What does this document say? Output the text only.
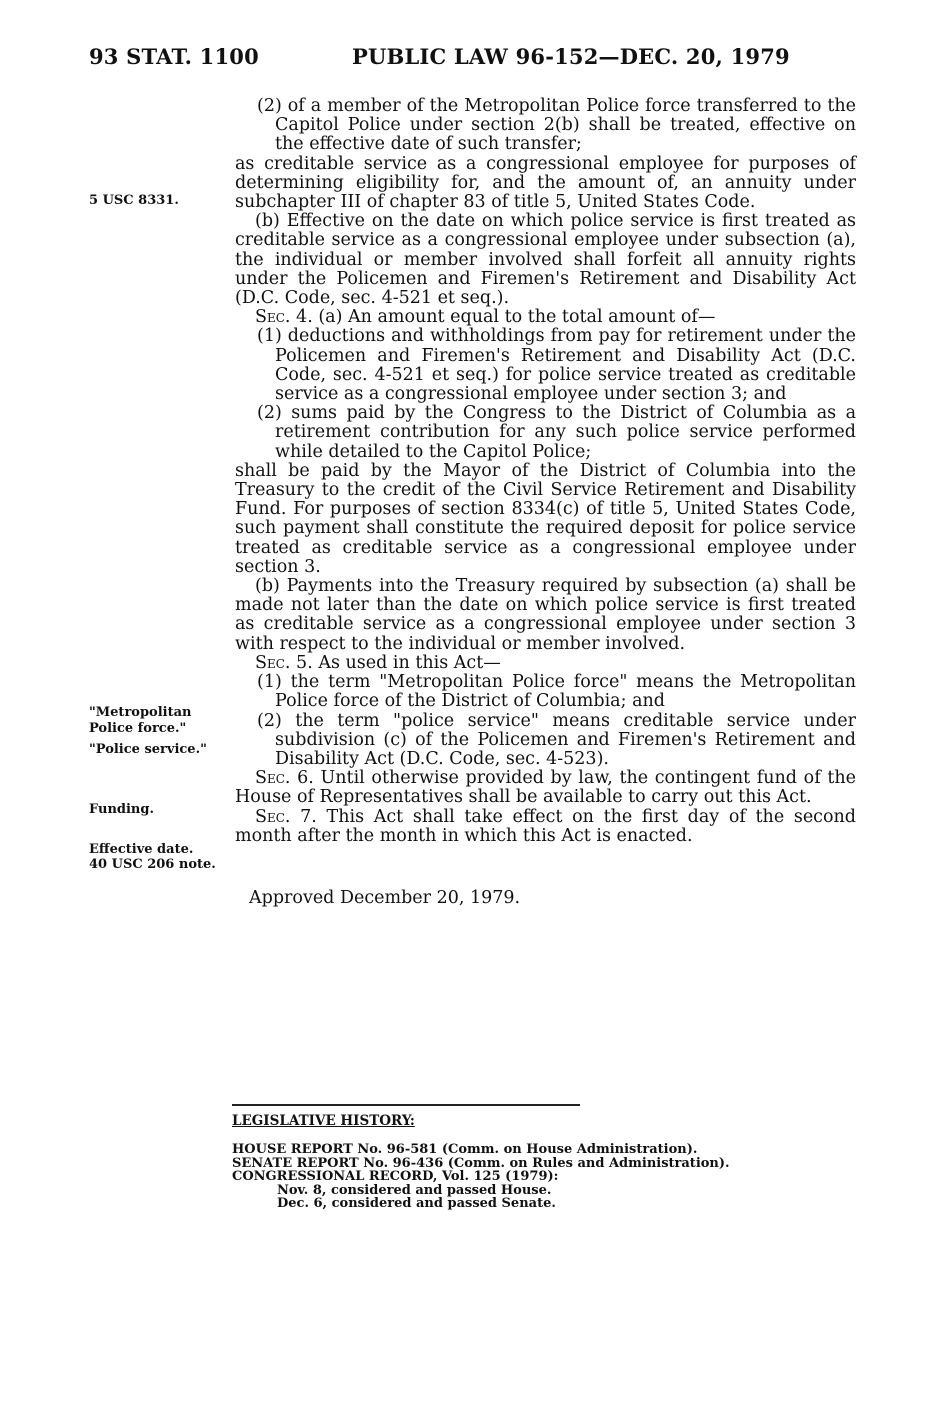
93 STAT. 1100	PUBLIC LAW 96-152—DEC. 20, 1979
5 USC 8331.
"Metropolitan Police force."
"Police service."
Funding.
Effective date.
40 USC 206 note.

(2) of a member of the Metropolitan Police force transferred to the Capitol Police under section 2(b) shall be treated, effective on the effective date of such transfer;

as creditable service as a congressional employee for purposes of determining eligibility for, and the amount of, an annuity under subchapter III of chapter 83 of title 5, United States Code.

(b) Effective on the date on which police service is first treated as creditable service as a congressional employee under subsection (a), the individual or member involved shall forfeit all annuity rights under the Policemen and Firemen's Retirement and Disability Act (D.C. Code, sec. 4-521 et seq.).

Sec. 4. (a) An amount equal to the total amount of—

(1) deductions and withholdings from pay for retirement under the Policemen and Firemen's Retirement and Disability Act (D.C. Code, sec. 4-521 et seq.) for police service treated as creditable service as a congressional employee under section 3; and

(2) sums paid by the Congress to the District of Columbia as a retirement contribution for any such police service performed while detailed to the Capitol Police;

shall be paid by the Mayor of the District of Columbia into the Treasury to the credit of the Civil Service Retirement and Disability Fund. For purposes of section 8334(c) of title 5, United States Code, such payment shall constitute the required deposit for police service treated as creditable service as a congressional employee under section 3.

(b) Payments into the Treasury required by subsection (a) shall be made not later than the date on which police service is first treated as creditable service as a congressional employee under section 3 with respect to the individual or member involved.

Sec. 5. As used in this Act—

(1) the term "Metropolitan Police force" means the Metropolitan Police force of the District of Columbia; and

(2) the term "police service" means creditable service under subdivision (c) of the Policemen and Firemen's Retirement and Disability Act (D.C. Code, sec. 4-523).

Sec. 6. Until otherwise provided by law, the contingent fund of the House of Representatives shall be available to carry out this Act.

Sec. 7. This Act shall take effect on the first day of the second month after the month in which this Act is enacted.

Approved December 20, 1979.

LEGISLATIVE HISTORY:

HOUSE REPORT No. 96-581 (Comm. on House Administration).

SENATE REPORT No. 96-436 (Comm. on Rules and Administration).

CONGRESSIONAL RECORD, Vol. 125 (1979):

Nov. 8, considered and passed House.

Dec. 6, considered and passed Senate.
